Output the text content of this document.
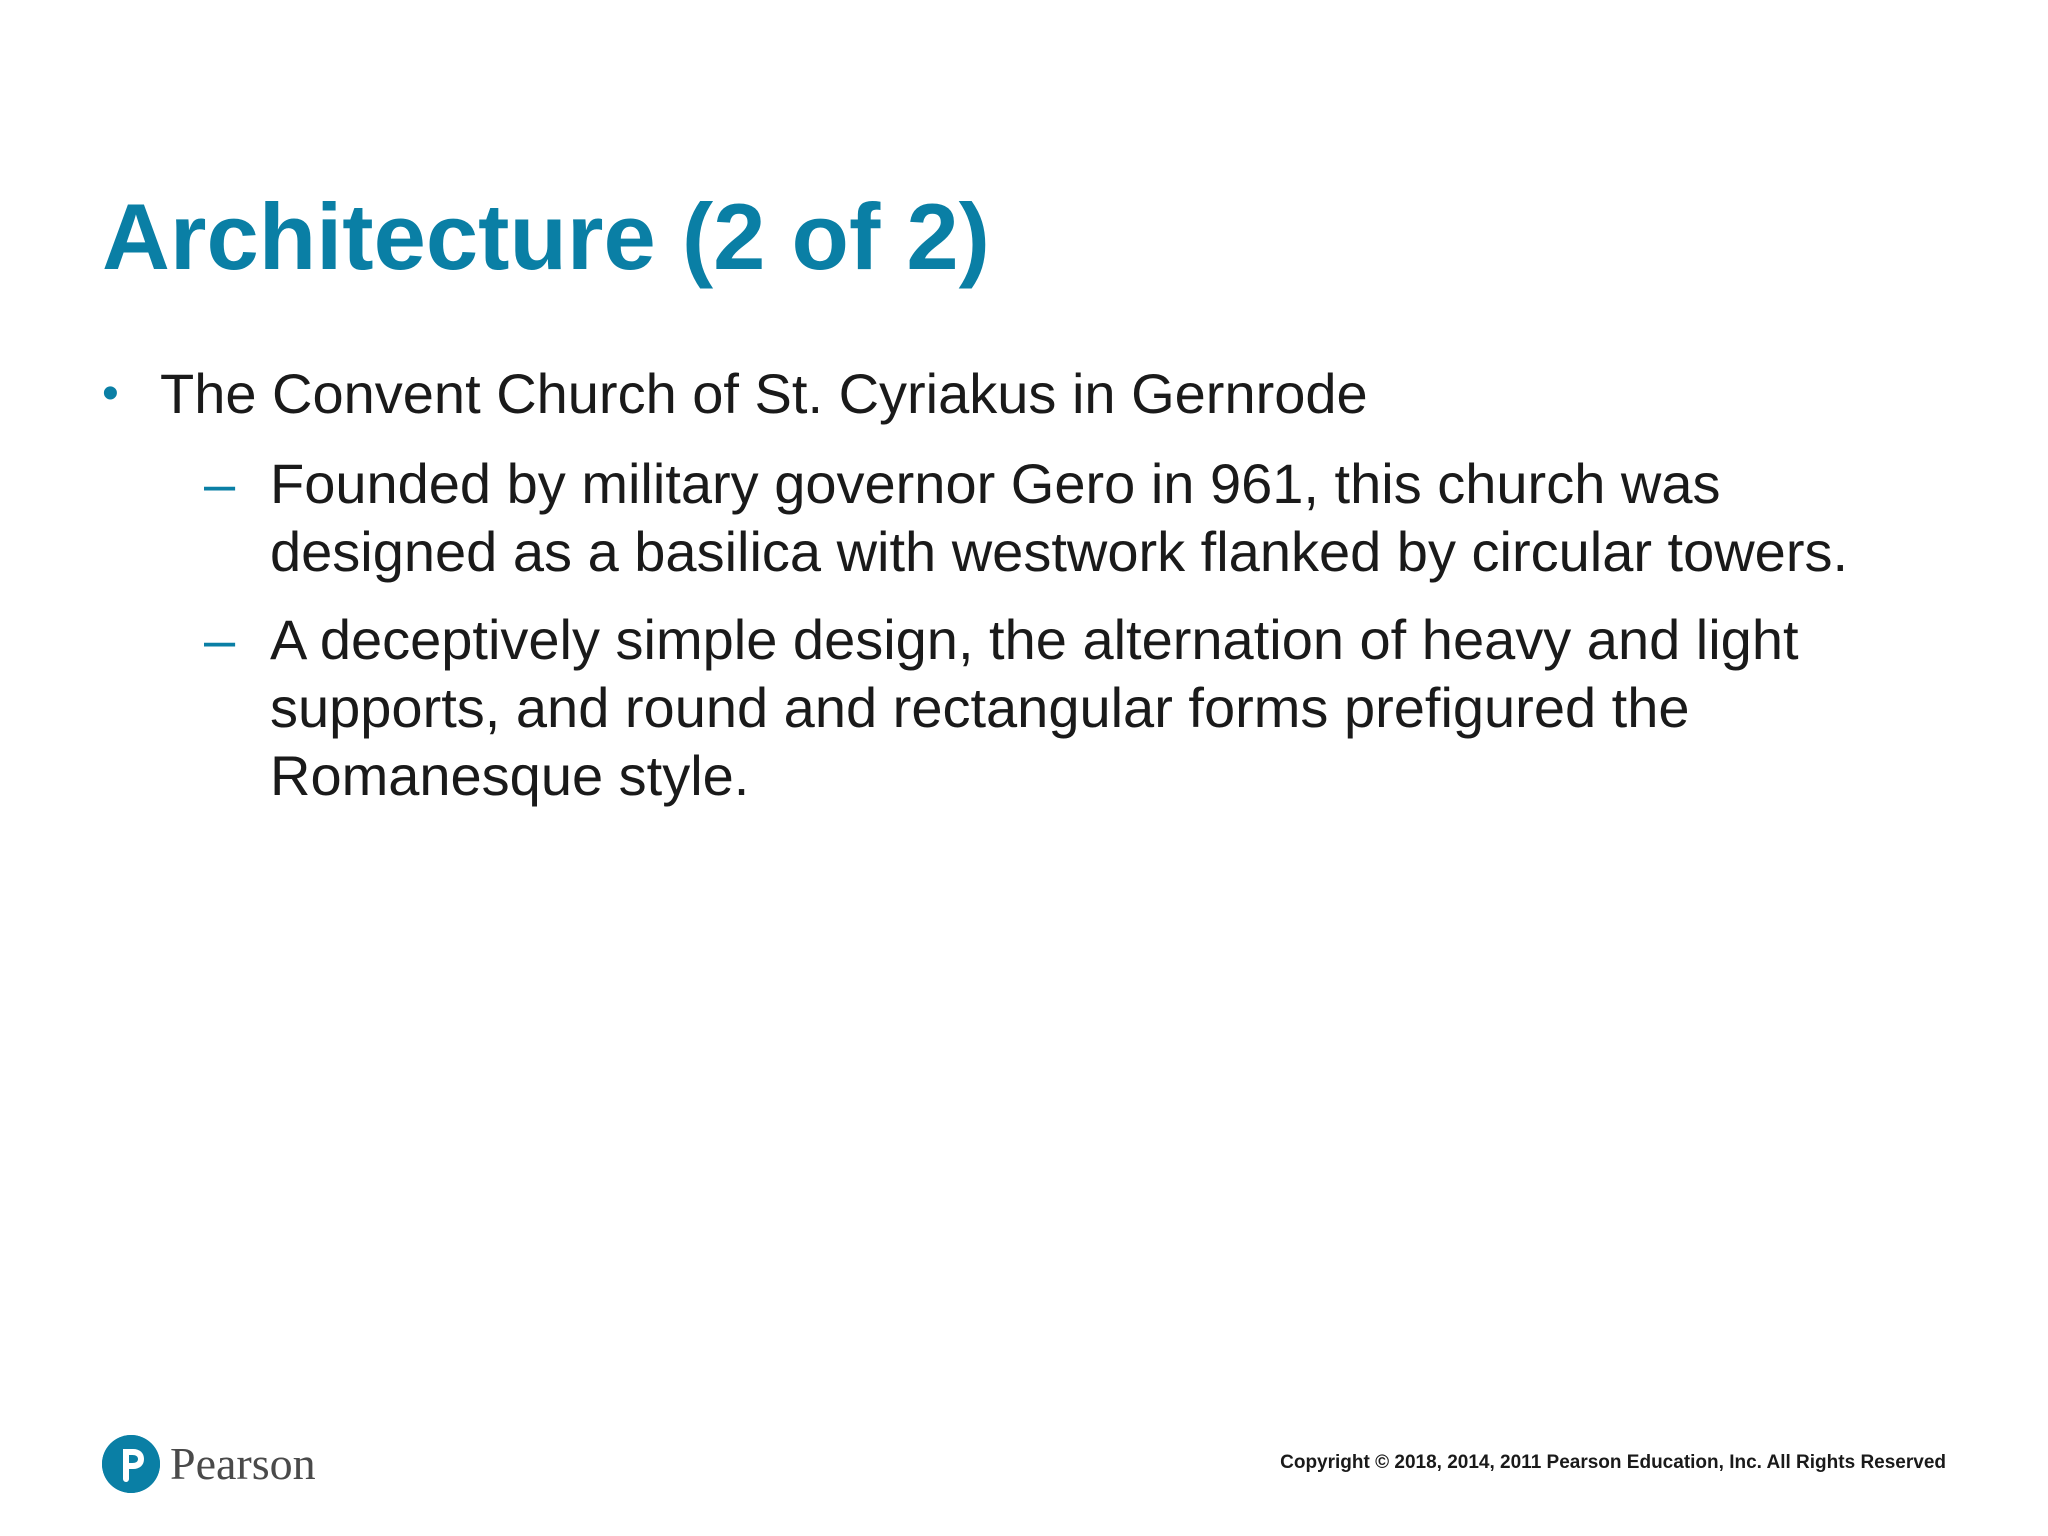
Architecture (2 of 2)
• The Convent Church of St. Cyriakus in Gernrode
– Founded by military governor Gero in 961, this church was designed as a basilica with westwork flanked by circular towers.
– A deceptively simple design, the alternation of heavy and light supports, and round and rectangular forms prefigured the Romanesque style.
Pearson	Copyright © 2018, 2014, 2011 Pearson Education, Inc. All Rights Reserved
